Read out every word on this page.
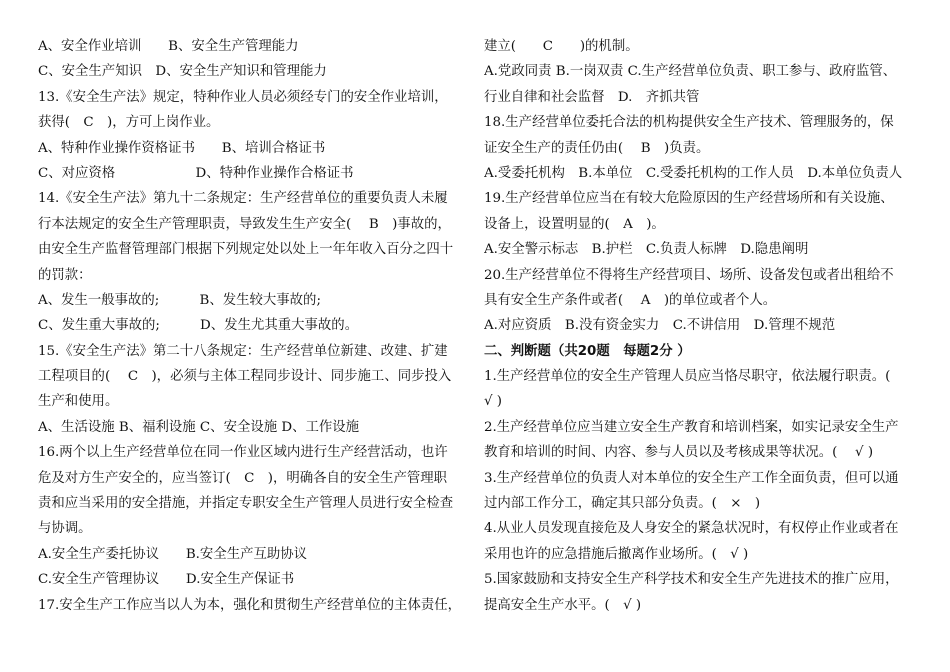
A、安全作业培训　　B、安全生产管理能力
C、安全生产知识　D、安全生产知识和管理能力
13.《安全生产法》规定，特种作业人员必须经专门的安全作业培训，
获得(　C　)，方可上岗作业。
A、特种作业操作资格证书　　B、培训合格证书
C、对应资格　　　　　　D、特种作业操作合格证书
14.《安全生产法》第九十二条规定：生产经营单位的重要负责人未履
行本法规定的安全生产管理职责，导致发生生产安全(　 B　)事故的，
由安全生产监督管理部门根据下列规定处以处上一年年收入百分之四十
的罚款：
A、发生一般事故的;　　　B、发生较大事故的;
C、发生重大事故的;　　　D、发生尤其重大事故的。
15.《安全生产法》第二十八条规定：生产经营单位新建、改建、扩建
工程项目的(　 C　)，必须与主体工程同步设计、同步施工、同步投入
生产和使用。
A、生活设施 B、福利设施 C、安全设施 D、工作设施
16.两个以上生产经营单位在同一作业区域内进行生产经营活动，也许
危及对方生产安全的，应当签订(　C　)，明确各自的安全生产管理职
责和应当采用的安全措施，并指定专职安全生产管理人员进行安全检查
与协调。
A.安全生产委托协议　　B.安全生产互助协议
C.安全生产管理协议　　D.安全生产保证书
17.安全生产工作应当以人为本，强化和贯彻生产经营单位的主体责任，
建立(　　C　　)的机制。
A.党政同责 B.一岗双责 C.生产经营单位负责、职工参与、政府监管、
行业自律和社会监督　D.　齐抓共管
18.生产经营单位委托合法的机构提供安全生产技术、管理服务的，保
证安全生产的责任仍由(　 B　)负责。
A.受委托机构　B.本单位　C.受委托机构的工作人员　D.本单位负责人
19.生产经营单位应当在有较大危险原因的生产经营场所和有关设施、
设备上，设置明显的(　A　)。
A.安全警示标志　B.护栏　C.负责人标牌　D.隐患阐明
20.生产经营单位不得将生产经营项目、场所、设备发包或者出租给不
具有安全生产条件或者(　 A　)的单位或者个人。
A.对应资质　B.没有资金实力　C.不讲信用　D.管理不规范
二、判断题（共20题　每题2分 ）
1.生产经营单位的安全生产管理人员应当恪尽职守，依法履行职责。(
√ )
2.生产经营单位应当建立安全生产教育和培训档案，如实记录安全生产
教育和培训的时间、内容、参与人员以及考核成果等状况。(　 √ )
3.生产经营单位的负责人对本单位的安全生产工作全面负责，但可以通
过内部工作分工，确定其只部分负责。(　×　)
4.从业人员发现直接危及人身安全的紧急状况时，有权停止作业或者在
采用也许的应急措施后撤离作业场所。(　√ )
5.国家鼓励和支持安全生产科学技术和安全生产先进技术的推广应用，
提高安全生产水平。(　√ )
